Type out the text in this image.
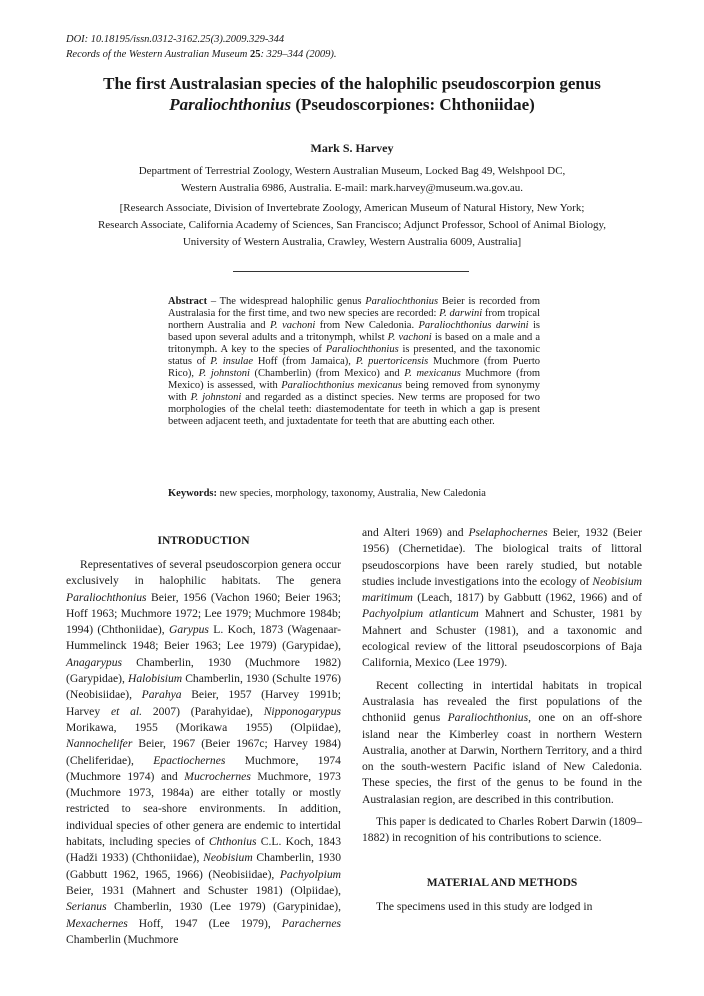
DOI: 10.18195/issn.0312-3162.25(3).2009.329-344
Records of the Western Australian Museum 25: 329–344 (2009).
The first Australasian species of the halophilic pseudoscorpion genus
Paraliochthonius (Pseudoscorpiones: Chthoniidae)
Mark S. Harvey
Department of Terrestrial Zoology, Western Australian Museum, Locked Bag 49, Welshpool DC,
Western Australia 6986, Australia. E-mail: mark.harvey@museum.wa.gov.au.
[Research Associate, Division of Invertebrate Zoology, American Museum of Natural History, New York;
Research Associate, California Academy of Sciences, San Francisco; Adjunct Professor, School of Animal Biology,
University of Western Australia, Crawley, Western Australia 6009, Australia]
Abstract – The widespread halophilic genus Paraliochthonius Beier is recorded from Australasia for the first time, and two new species are recorded: P. darwini from tropical northern Australia and P. vachoni from New Caledonia. Paraliochthonius darwini is based upon several adults and a tritonymph, whilst P. vachoni is based on a male and a tritonymph. A key to the species of Paraliochthonius is presented, and the taxonomic status of P. insulae Hoff (from Jamaica), P. puertoricensis Muchmore (from Puerto Rico), P. johnstoni (Chamberlin) (from Mexico) and P. mexicanus Muchmore (from Mexico) is assessed, with Paraliochthonius mexicanus being removed from synonymy with P. johnstoni and regarded as a distinct species. New terms are proposed for two morphologies of the chelal teeth: diastemodentate for teeth in which a gap is present between adjacent teeth, and juxtadentate for teeth that are abutting each other.
Keywords: new species, morphology, taxonomy, Australia, New Caledonia
INTRODUCTION

Representatives of several pseudoscorpion genera occur exclusively in halophilic habitats. The genera Paraliochthonius Beier, 1956 (Vachon 1960; Beier 1963; Hoff 1963; Muchmore 1972; Lee 1979; Muchmore 1984b; 1994) (Chthoniidae), Garypus L. Koch, 1873 (Wagenaar-Hummelinck 1948; Beier 1963; Lee 1979) (Garypidae), Anagarypus Chamberlin, 1930 (Muchmore 1982) (Garypidae), Halobisium Chamberlin, 1930 (Schulte 1976) (Neobisiidae), Parahya Beier, 1957 (Harvey 1991b; Harvey et al. 2007) (Parahyidae), Nipponogarypus Morikawa, 1955 (Morikawa 1955) (Olpiidae), Nannochelifer Beier, 1967 (Beier 1967c; Harvey 1984) (Cheliferidae), Epactiochernes Muchmore, 1974 (Muchmore 1974) and Mucrochernes Muchmore, 1973 (Muchmore 1973, 1984a) are either totally or mostly restricted to sea-shore environments. In addition, individual species of other genera are endemic to intertidal habitats, including species of Chthonius C.L. Koch, 1843 (Hadži 1933) (Chthoniidae), Neobisium Chamberlin, 1930 (Gabbutt 1962, 1965, 1966) (Neobisiidae), Pachyolpium Beier, 1931 (Mahnert and Schuster 1981) (Olpiidae), Serianus Chamberlin, 1930 (Lee 1979) (Garypinidae), Mexachernes Hoff, 1947 (Lee 1979), Parachernes Chamberlin (Muchmore

and Alteri 1969) and Pselaphochernes Beier, 1932 (Beier 1956) (Chernetidae). The biological traits of littoral pseudoscorpions have been rarely studied, but notable studies include investigations into the ecology of Neobisium maritimum (Leach, 1817) by Gabbutt (1962, 1966) and of Pachyolpium atlanticum Mahnert and Schuster, 1981 by Mahnert and Schuster (1981), and a taxonomic and ecological review of the littoral pseudoscorpions of Baja California, Mexico (Lee 1979).

Recent collecting in intertidal habitats in tropical Australasia has revealed the first populations of the chthoniid genus Paraliochthonius, one on an off-shore island near the Kimberley coast in northern Western Australia, another at Darwin, Northern Territory, and a third on the south-western Pacific island of New Caledonia. These species, the first of the genus to be found in the Australasian region, are described in this contribution.

This paper is dedicated to Charles Robert Darwin (1809–1882) in recognition of his contributions to science.

MATERIAL AND METHODS
The specimens used in this study are lodged in
